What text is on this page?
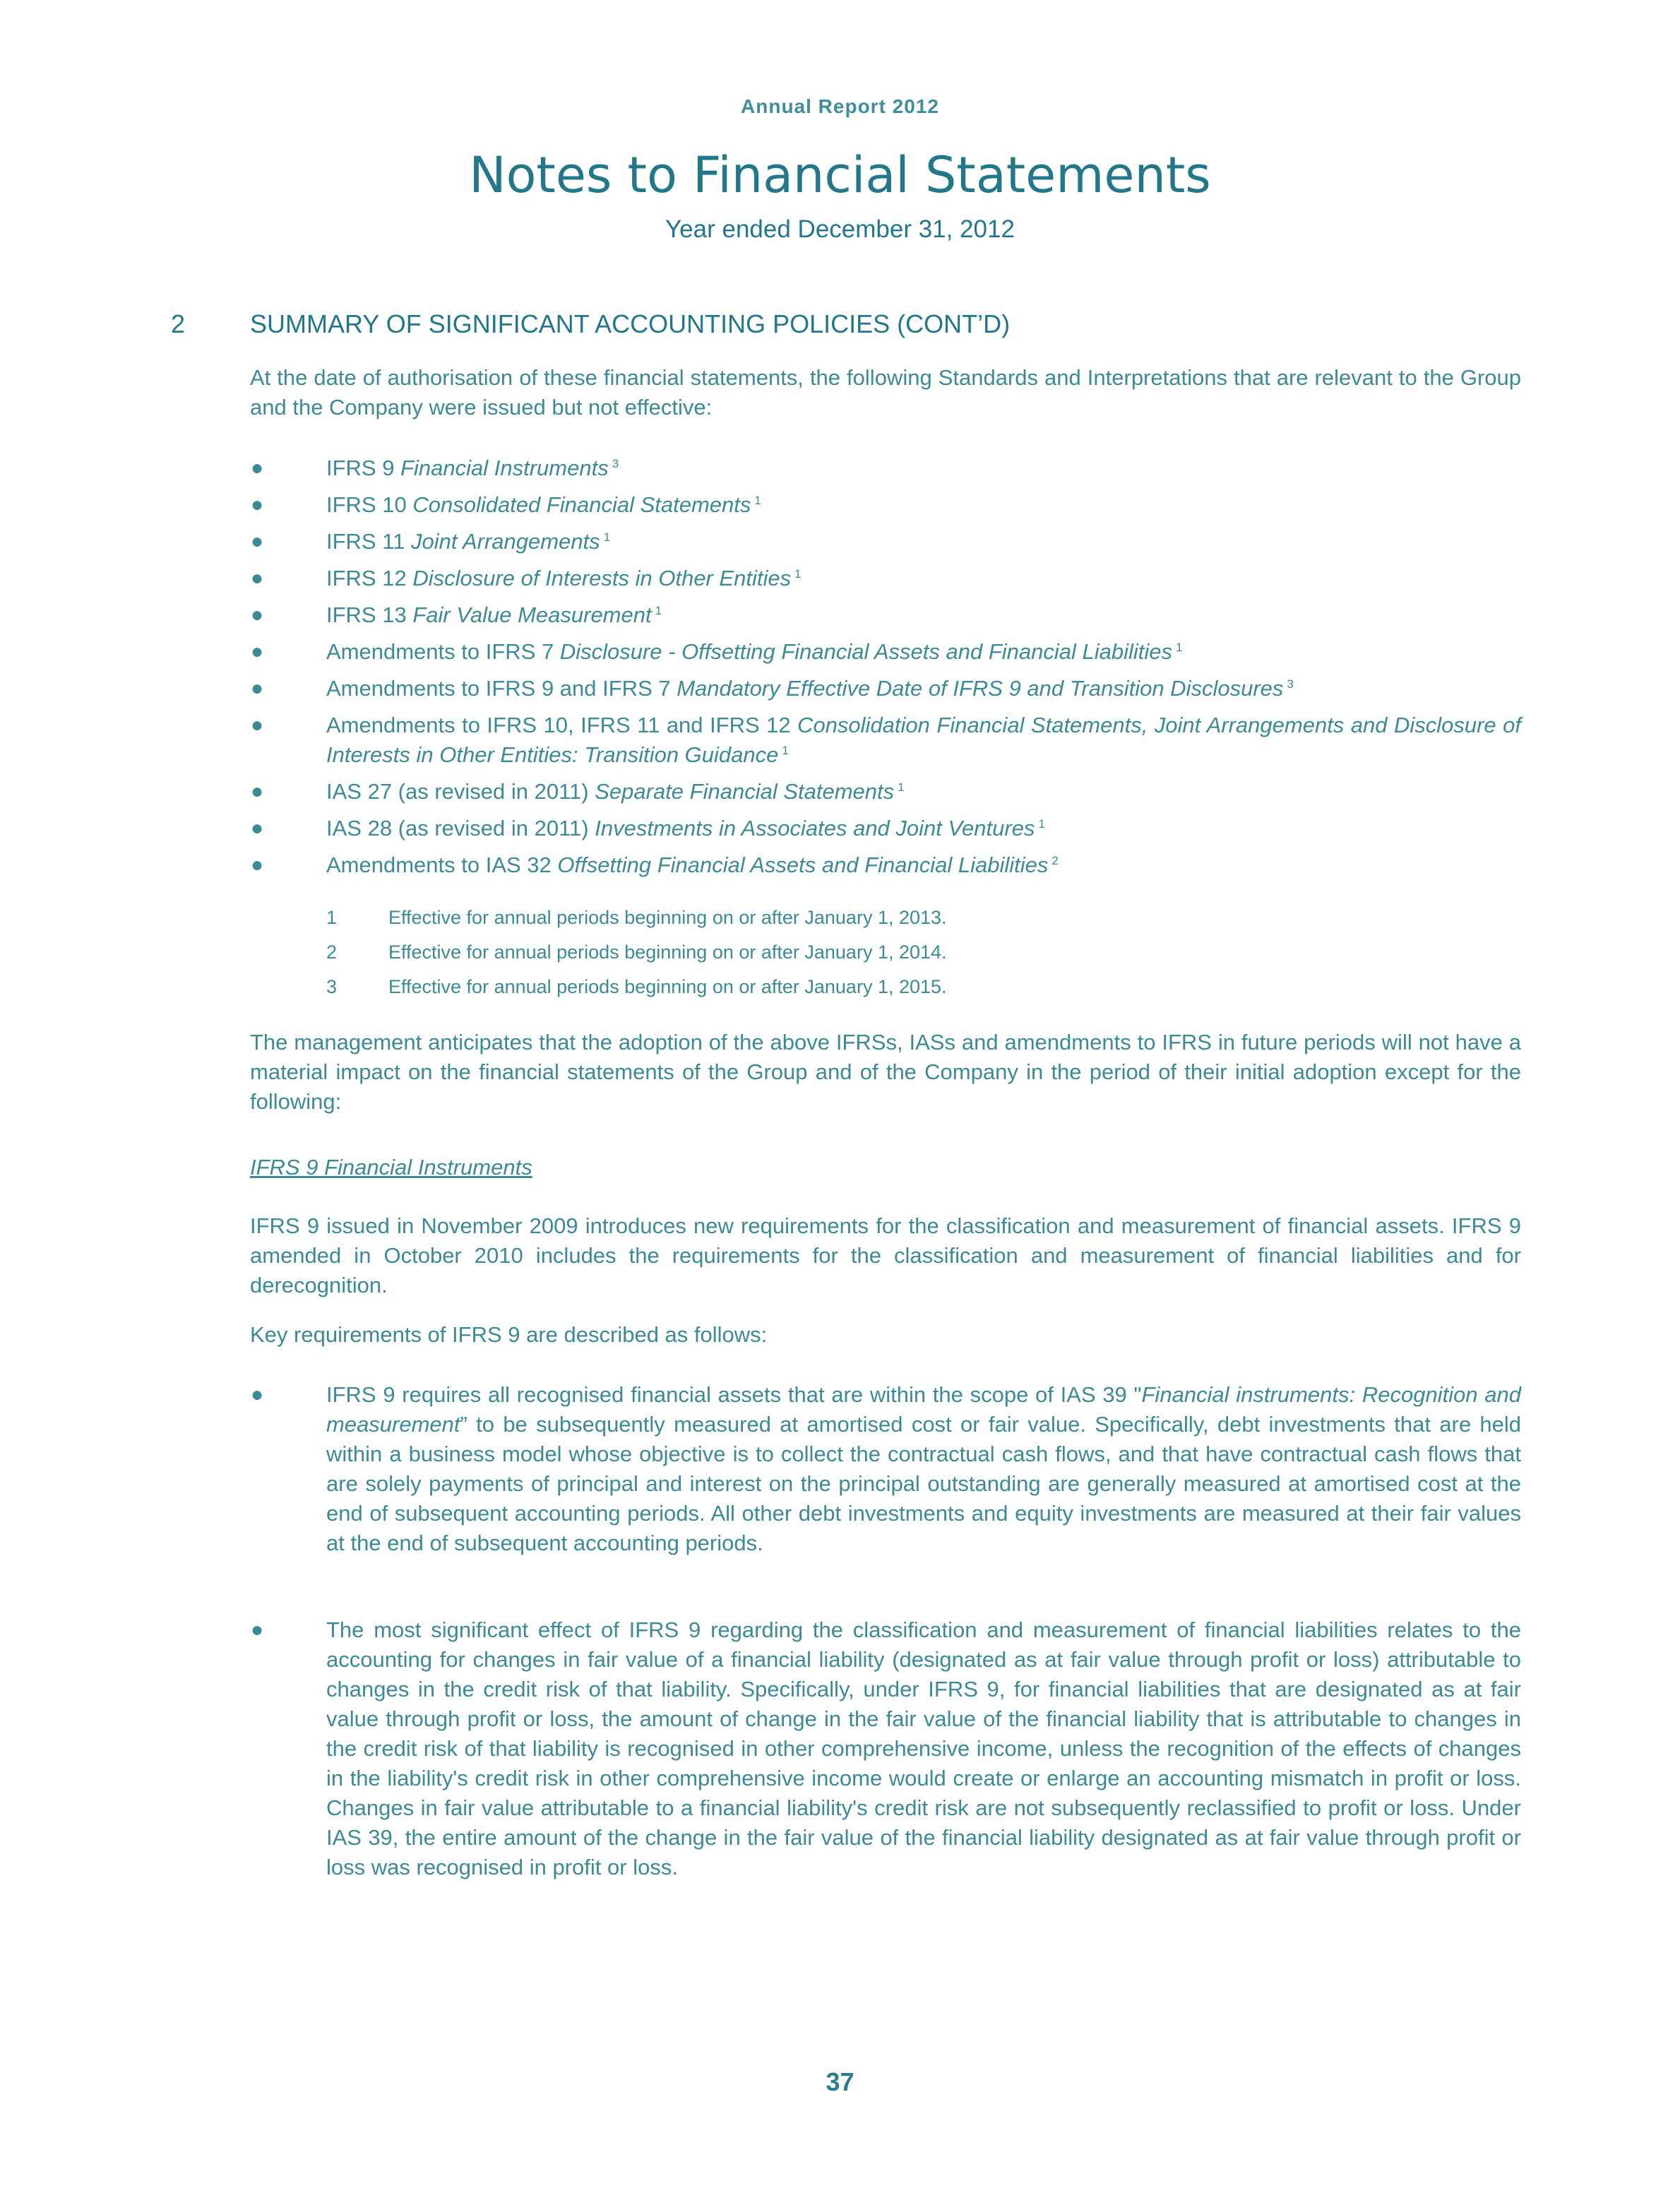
Annual Report 2012
Notes to Financial Statements
Year ended December 31, 2012
2	SUMMARY OF SIGNIFICANT ACCOUNTING POLICIES (CONT’D)
At the date of authorisation of these financial statements, the following Standards and Interpretations that are relevant to the Group and the Company were issued but not effective:
●	IFRS 9 Financial Instruments $^3$
●	IFRS 10 Consolidated Financial Statements $^1$
●	IFRS 11 Joint Arrangements $^1$
●	IFRS 12 Disclosure of Interests in Other Entities $^1$
●	IFRS 13 Fair Value Measurement $^1$
●	Amendments to IFRS 7 Disclosure - Offsetting Financial Assets and Financial Liabilities $^1$
●	Amendments to IFRS 9 and IFRS 7 Mandatory Effective Date of IFRS 9 and Transition Disclosures $^3$
●	Amendments to IFRS 10, IFRS 11 and IFRS 12 Consolidation Financial Statements, Joint Arrangements and Disclosure of Interests in Other Entities: Transition Guidance $^1$
●	IAS 27 (as revised in 2011) Separate Financial Statements $^1$
●	IAS 28 (as revised in 2011) Investments in Associates and Joint Ventures $^1$
●	Amendments to IAS 32 Offsetting Financial Assets and Financial Liabilities $^2$
1	Effective for annual periods beginning on or after January 1, 2013.
2	Effective for annual periods beginning on or after January 1, 2014.
3	Effective for annual periods beginning on or after January 1, 2015.
The management anticipates that the adoption of the above IFRSs, IASs and amendments to IFRS in future periods will not have a material impact on the financial statements of the Group and of the Company in the period of their initial adoption except for the following:
IFRS 9 Financial Instruments
IFRS 9 issued in November 2009 introduces new requirements for the classification and measurement of financial assets. IFRS 9 amended in October 2010 includes the requirements for the classification and measurement of financial liabilities and for derecognition.
Key requirements of IFRS 9 are described as follows:
●	IFRS 9 requires all recognised financial assets that are within the scope of IAS 39 "Financial instruments: Recognition and measurement” to be subsequently measured at amortised cost or fair value. Specifically, debt investments that are held within a business model whose objective is to collect the contractual cash flows, and that have contractual cash flows that are solely payments of principal and interest on the principal outstanding are generally measured at amortised cost at the end of subsequent accounting periods. All other debt investments and equity investments are measured at their fair values at the end of subsequent accounting periods.
●	The most significant effect of IFRS 9 regarding the classification and measurement of financial liabilities relates to the accounting for changes in fair value of a financial liability (designated as at fair value through profit or loss) attributable to changes in the credit risk of that liability. Specifically, under IFRS 9, for financial liabilities that are designated as at fair value through profit or loss, the amount of change in the fair value of the financial liability that is attributable to changes in the credit risk of that liability is recognised in other comprehensive income, unless the recognition of the effects of changes in the liability's credit risk in other comprehensive income would create or enlarge an accounting mismatch in profit or loss. Changes in fair value attributable to a financial liability's credit risk are not subsequently reclassified to profit or loss. Under IAS 39, the entire amount of the change in the fair value of the financial liability designated as at fair value through profit or loss was recognised in profit or loss.
37
